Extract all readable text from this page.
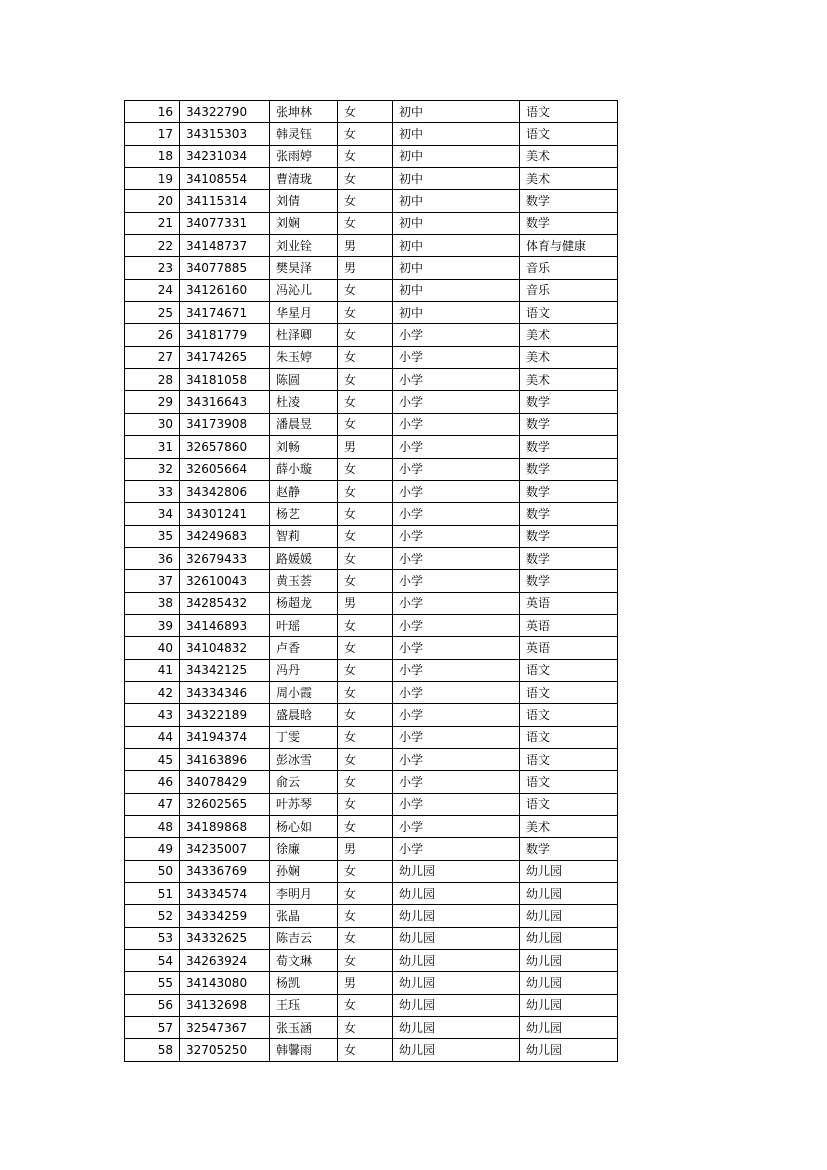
16	34322790	张坤林	女	初中	语文
17	34315303	韩灵钰	女	初中	语文
18	34231034	张雨婷	女	初中	美术
19	34108554	曹清珑	女	初中	美术
20	34115314	刘倩	女	初中	数学
21	34077331	刘娴	女	初中	数学
22	34148737	刘业铨	男	初中	体育与健康
23	34077885	樊昊泽	男	初中	音乐
24	34126160	冯沁儿	女	初中	音乐
25	34174671	华星月	女	初中	语文
26	34181779	杜泽卿	女	小学	美术
27	34174265	朱玉婷	女	小学	美术
28	34181058	陈圆	女	小学	美术
29	34316643	杜凌	女	小学	数学
30	34173908	潘晨昱	女	小学	数学
31	32657860	刘畅	男	小学	数学
32	32605664	薛小璇	女	小学	数学
33	34342806	赵静	女	小学	数学
34	34301241	杨艺	女	小学	数学
35	34249683	智莉	女	小学	数学
36	32679433	路媛媛	女	小学	数学
37	32610043	黄玉荟	女	小学	数学
38	34285432	杨超龙	男	小学	英语
39	34146893	叶瑶	女	小学	英语
40	34104832	卢香	女	小学	英语
41	34342125	冯丹	女	小学	语文
42	34334346	周小霞	女	小学	语文
43	34322189	盛晨晗	女	小学	语文
44	34194374	丁雯	女	小学	语文
45	34163896	彭冰雪	女	小学	语文
46	34078429	俞云	女	小学	语文
47	32602565	叶苏琴	女	小学	语文
48	34189868	杨心如	女	小学	美术
49	34235007	徐廉	男	小学	数学
50	34336769	孙娴	女	幼儿园	幼儿园
51	34334574	李明月	女	幼儿园	幼儿园
52	34334259	张晶	女	幼儿园	幼儿园
53	34332625	陈吉云	女	幼儿园	幼儿园
54	34263924	荀文琳	女	幼儿园	幼儿园
55	34143080	杨凯	男	幼儿园	幼儿园
56	34132698	王珏	女	幼儿园	幼儿园
57	32547367	张玉涵	女	幼儿园	幼儿园
58	32705250	韩馨雨	女	幼儿园	幼儿园
